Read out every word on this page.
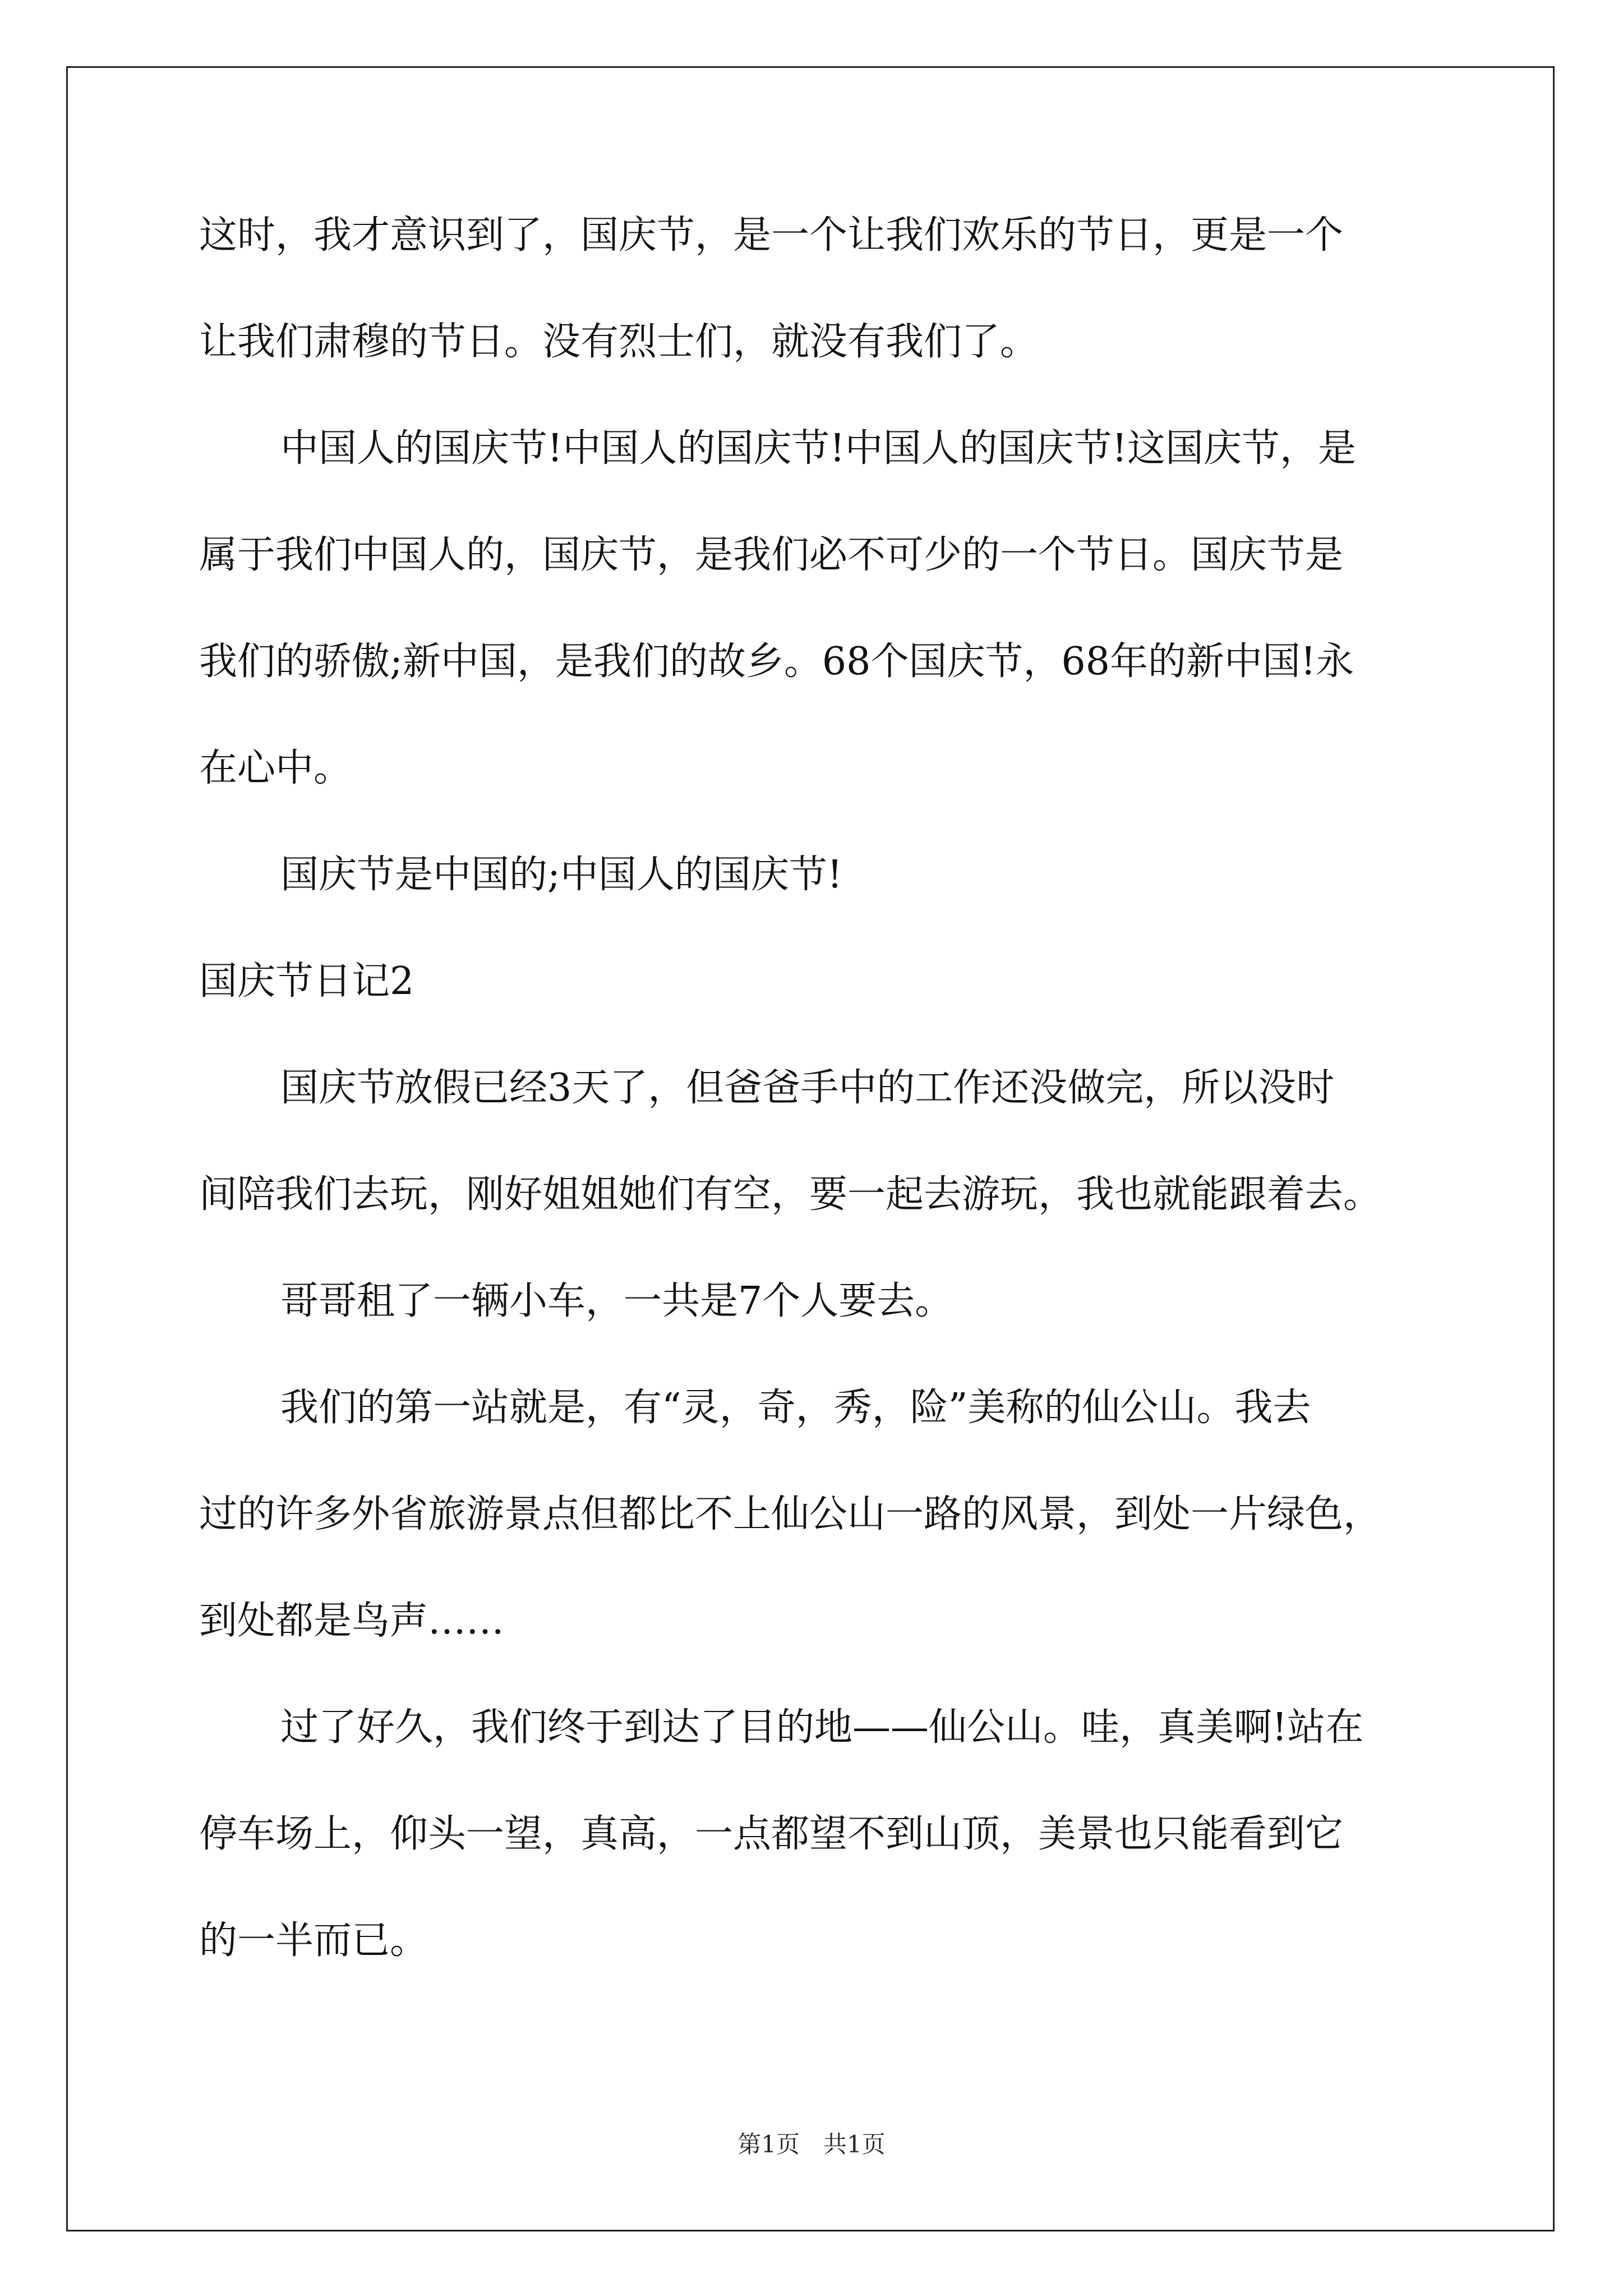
这时，我才意识到了，国庆节，是一个让我们欢乐的节日，更是一个
让我们肃穆的节日。没有烈士们，就没有我们了。
中国人的国庆节!中国人的国庆节!中国人的国庆节!这国庆节，是
属于我们中国人的，国庆节，是我们必不可少的一个节日。国庆节是
我们的骄傲;新中国，是我们的故乡。68个国庆节，68年的新中国!永
在心中。
国庆节是中国的;中国人的国庆节!
国庆节日记2
国庆节放假已经3天了，但爸爸手中的工作还没做完，所以没时
间陪我们去玩，刚好姐姐她们有空，要一起去游玩，我也就能跟着去。
哥哥租了一辆小车，一共是7个人要去。
我们的第一站就是，有“灵，奇，秀，险”美称的仙公山。我去
过的许多外省旅游景点但都比不上仙公山一路的风景，到处一片绿色，
到处都是鸟声……
过了好久，我们终于到达了目的地——仙公山。哇，真美啊!站在
停车场上，仰头一望，真高，一点都望不到山顶，美景也只能看到它
的一半而已。
第1页　共1页
